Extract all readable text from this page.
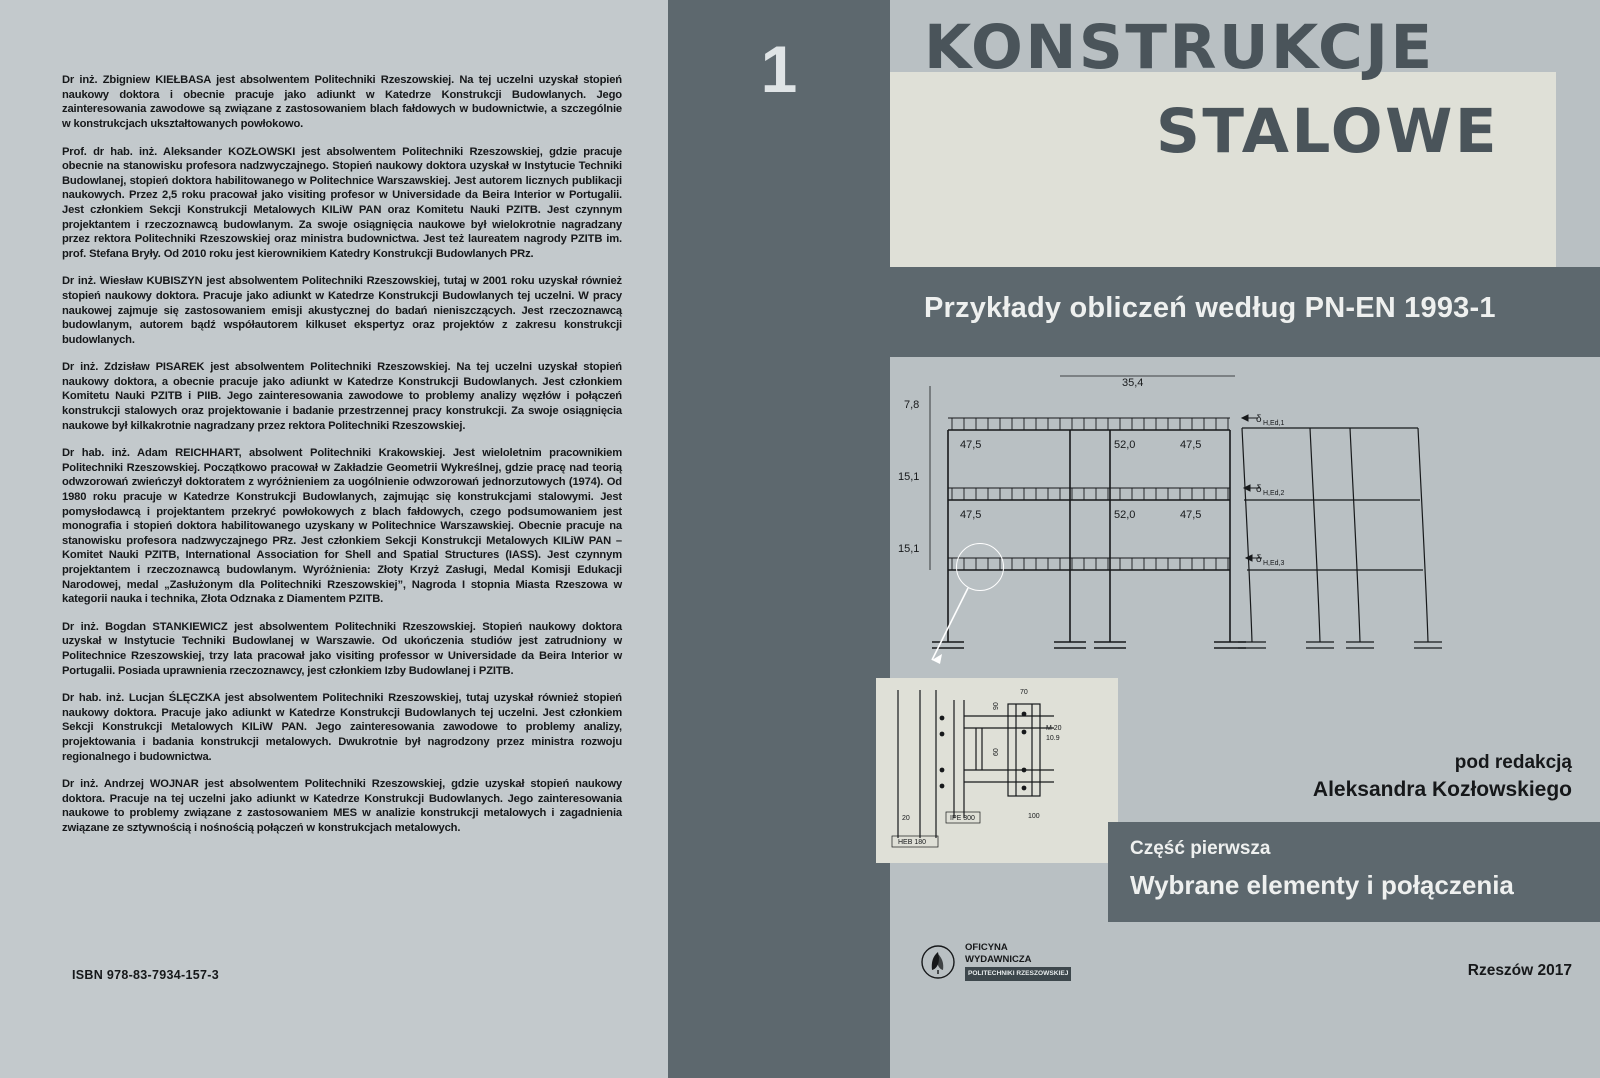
Dr inż. Zbigniew KIEŁBASA jest absolwentem Politechniki Rzeszowskiej. Na tej uczelni uzyskał stopień naukowy doktora i obecnie pracuje jako adiunkt w Katedrze Konstrukcji Budowlanych. Jego zainteresowania zawodowe są związane z zastosowaniem blach fałdowych w budownictwie, a szczególnie w konstrukcjach ukształtowanych powłokowo.

Prof. dr hab. inż. Aleksander KOZŁOWSKI jest absolwentem Politechniki Rzeszowskiej, gdzie pracuje obecnie na stanowisku profesora nadzwyczajnego. Stopień naukowy doktora uzyskał w Instytucie Techniki Budowlanej, stopień doktora habilitowanego w Politechnice Warszawskiej. Jest autorem licznych publikacji naukowych. Przez 2,5 roku pracował jako visiting profesor w Universidade da Beira Interior w Portugalii. Jest członkiem Sekcji Konstrukcji Metalowych KILiW PAN oraz Komitetu Nauki PZITB. Jest czynnym projektantem i rzeczoznawcą budowlanym. Za swoje osiągnięcia naukowe był wielokrotnie nagradzany przez rektora Politechniki Rzeszowskiej oraz ministra budownictwa. Jest też laureatem nagrody PZITB im. prof. Stefana Bryły. Od 2010 roku jest kierownikiem Katedry Konstrukcji Budowlanych PRz.

Dr inż. Wiesław KUBISZYN jest absolwentem Politechniki Rzeszowskiej, tutaj w 2001 roku uzyskał również stopień naukowy doktora. Pracuje jako adiunkt w Katedrze Konstrukcji Budowlanych tej uczelni. W pracy naukowej zajmuje się zastosowaniem emisji akustycznej do badań nieniszczących. Jest rzeczoznawcą budowlanym, autorem bądź współautorem kilkuset ekspertyz oraz projektów z zakresu konstrukcji budowlanych.

Dr inż. Zdzisław PISAREK jest absolwentem Politechniki Rzeszowskiej. Na tej uczelni uzyskał stopień naukowy doktora, a obecnie pracuje jako adiunkt w Katedrze Konstrukcji Budowlanych. Jest członkiem Komitetu Nauki PZITB i PIIB. Jego zainteresowania zawodowe to problemy analizy węzłów i połączeń konstrukcji stalowych oraz projektowanie i badanie przestrzennej pracy konstrukcji. Za swoje osiągnięcia naukowe był kilkakrotnie nagradzany przez rektora Politechniki Rzeszowskiej.

Dr hab. inż. Adam REICHHART, absolwent Politechniki Krakowskiej. Jest wieloletnim pracownikiem Politechniki Rzeszowskiej. Początkowo pracował w Zakładzie Geometrii Wykreślnej, gdzie pracę nad teorią odwzorowań zwieńczył doktoratem z wyróżnieniem za uogólnienie odwzorowań jednorzutowych (1974). Od 1980 roku pracuje w Katedrze Konstrukcji Budowlanych, zajmując się konstrukcjami stalowymi. Jest pomysłodawcą i projektantem przekryć powłokowych z blach fałdowych, czego podsumowaniem jest monografia i stopień doktora habilitowanego uzyskany w Politechnice Warszawskiej. Obecnie pracuje na stanowisku profesora nadzwyczajnego PRz. Jest członkiem Sekcji Konstrukcji Metalowych KILiW PAN – Komitet Nauki PZITB, International Association for Shell and Spatial Structures (IASS). Jest czynnym projektantem i rzeczoznawcą budowlanym. Wyróżnienia: Złoty Krzyż Zasługi, Medal Komisji Edukacji Narodowej, medal „Zasłużonym dla Politechniki Rzeszowskiej”, Nagroda I stopnia Miasta Rzeszowa w kategorii nauka i technika, Złota Odznaka z Diamentem PZITB.

Dr inż. Bogdan STANKIEWICZ jest absolwentem Politechniki Rzeszowskiej. Stopień naukowy doktora uzyskał w Instytucie Techniki Budowlanej w Warszawie. Od ukończenia studiów jest zatrudniony w Politechnice Rzeszowskiej, trzy lata pracował jako visiting professor w Universidade da Beira Interior w Portugalii. Posiada uprawnienia rzeczoznawcy, jest członkiem Izby Budowlanej i PZITB.

Dr hab. inż. Lucjan ŚLĘCZKA jest absolwentem Politechniki Rzeszowskiej, tutaj uzyskał również stopień naukowy doktora. Pracuje jako adiunkt w Katedrze Konstrukcji Budowlanych tej uczelni. Jest członkiem Sekcji Konstrukcji Metalowych KILiW PAN. Jego zainteresowania zawodowe to problemy analizy, projektowania i badania konstrukcji metalowych. Dwukrotnie był nagrodzony przez ministra rozwoju regionalnego i budownictwa.

Dr inż. Andrzej WOJNAR jest absolwentem Politechniki Rzeszowskiej, gdzie uzyskał stopień naukowy doktora. Pracuje na tej uczelni jako adiunkt w Katedrze Konstrukcji Budowlanych. Jego zainteresowania naukowe to problemy związane z zastosowaniem MES w analizie konstrukcji metalowych i zagadnienia związane ze sztywnością i nośnością połączeń w konstrukcjach metalowych.

ISBN 978-83-7934-157-3
1	KONSTRUKCJE
STALOWE
Przykłady obliczeń według PN-EN 1993-1
35,4
7,8
15,1
15,1
47,5	52,0	47,5
47,5	52,0	47,5
δ H,Ed,1
δ H,Ed,2
δ H,Ed,3
70
90
60
M 20
10.9
20	100
IPE 300
HEB 180
pod redakcją
Aleksandra Kozłowskiego
Część pierwsza
Wybrane elementy i połączenia
OFICYNA
WYDAWNICZA
POLITECHNIKI RZESZOWSKIEJ	Rzeszów 2017
